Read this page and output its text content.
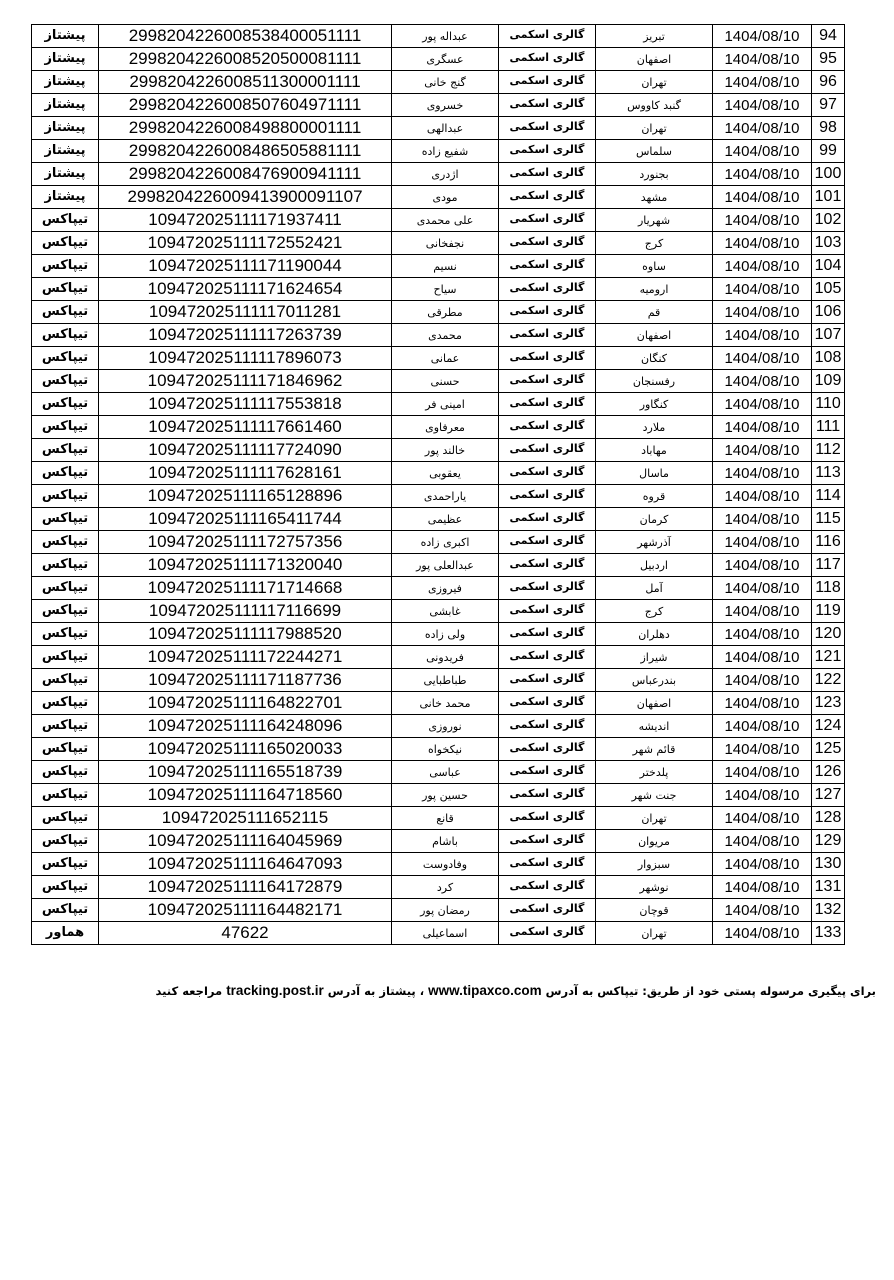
پیشتاز	2998204226008538400051111	عبداله پور	گالری اسکمی	تبریز	1404/08/10	94
پیشتاز	2998204226008520500081111	عسگری	گالری اسکمی	اصفهان	1404/08/10	95
پیشتاز	2998204226008511300001111	گنج خانی	گالری اسکمی	تهران	1404/08/10	96
پیشتاز	2998204226008507604971111	خسروی	گالری اسکمی	گنبد کاووس	1404/08/10	97
پیشتاز	2998204226008498800001111	عبدالهی	گالری اسکمی	تهران	1404/08/10	98
پیشتاز	2998204226008486505881111	شفیع زاده	گالری اسکمی	سلماس	1404/08/10	99
پیشتاز	2998204226008476900941111	اژدری	گالری اسکمی	بجنورد	1404/08/10	100
پیشتاز	2998204226009413900091107	مودی	گالری اسکمی	مشهد	1404/08/10	101
تیپاکس	109472025111171937411	علی محمدی	گالری اسکمی	شهریار	1404/08/10	102
تیپاکس	109472025111172552421	نجفخانی	گالری اسکمی	کرج	1404/08/10	103
تیپاکس	109472025111171190044	نسیم	گالری اسکمی	ساوه	1404/08/10	104
تیپاکس	109472025111171624654	سیاح	گالری اسکمی	ارومیه	1404/08/10	105
تیپاکس	109472025111117011281	مطرقی	گالری اسکمی	قم	1404/08/10	106
تیپاکس	109472025111117263739	محمدی	گالری اسکمی	اصفهان	1404/08/10	107
تیپاکس	109472025111117896073	عمانی	گالری اسکمی	کنگان	1404/08/10	108
تیپاکس	109472025111171846962	حسنی	گالری اسکمی	رفسنجان	1404/08/10	109
تیپاکس	109472025111117553818	امینی فر	گالری اسکمی	کنگاور	1404/08/10	110
تیپاکس	109472025111117661460	معرفاوی	گالری اسکمی	ملارد	1404/08/10	111
تیپاکس	109472025111117724090	خالند پور	گالری اسکمی	مهاباد	1404/08/10	112
تیپاکس	109472025111117628161	یعقوبی	گالری اسکمی	ماسال	1404/08/10	113
تیپاکس	109472025111165128896	یاراحمدی	گالری اسکمی	قروه	1404/08/10	114
تیپاکس	109472025111165411744	عظیمی	گالری اسکمی	کرمان	1404/08/10	115
تیپاکس	109472025111172757356	اکبری زاده	گالری اسکمی	آذرشهر	1404/08/10	116
تیپاکس	109472025111171320040	عبدالعلی پور	گالری اسکمی	اردبیل	1404/08/10	117
تیپاکس	109472025111171714668	فیروزی	گالری اسکمی	آمل	1404/08/10	118
تیپاکس	109472025111117116699	غابشی	گالری اسکمی	کرج	1404/08/10	119
تیپاکس	109472025111117988520	ولی زاده	گالری اسکمی	دهلران	1404/08/10	120
تیپاکس	109472025111172244271	فریدونی	گالری اسکمی	شیراز	1404/08/10	121
تیپاکس	109472025111171187736	طباطبایی	گالری اسکمی	بندرعباس	1404/08/10	122
تیپاکس	109472025111164822701	محمد خانی	گالری اسکمی	اصفهان	1404/08/10	123
تیپاکس	109472025111164248096	نوروزی	گالری اسکمی	اندیشه	1404/08/10	124
تیپاکس	109472025111165020033	نیکخواه	گالری اسکمی	قائم شهر	1404/08/10	125
تیپاکس	109472025111165518739	عباسی	گالری اسکمی	پلدختر	1404/08/10	126
تیپاکس	109472025111164718560	حسین پور	گالری اسکمی	جنت شهر	1404/08/10	127
تیپاکس	109472025111652115	قانع	گالری اسکمی	تهران	1404/08/10	128
تیپاکس	109472025111164045969	باشام	گالری اسکمی	مریوان	1404/08/10	129
تیپاکس	109472025111164647093	وفادوست	گالری اسکمی	سبزوار	1404/08/10	130
تیپاکس	109472025111164172879	کرد	گالری اسکمی	نوشهر	1404/08/10	131
تیپاکس	109472025111164482171	رمضان پور	گالری اسکمی	قوچان	1404/08/10	132
هماور	47622	اسماعیلی	گالری اسکمی	تهران	1404/08/10	133
برای پیگیری مرسوله پستی خود از طریق: تیپاکس به آدرس www.tipaxco.com ، پیشتاز به آدرس tracking.post.ir مراجعه کنید
